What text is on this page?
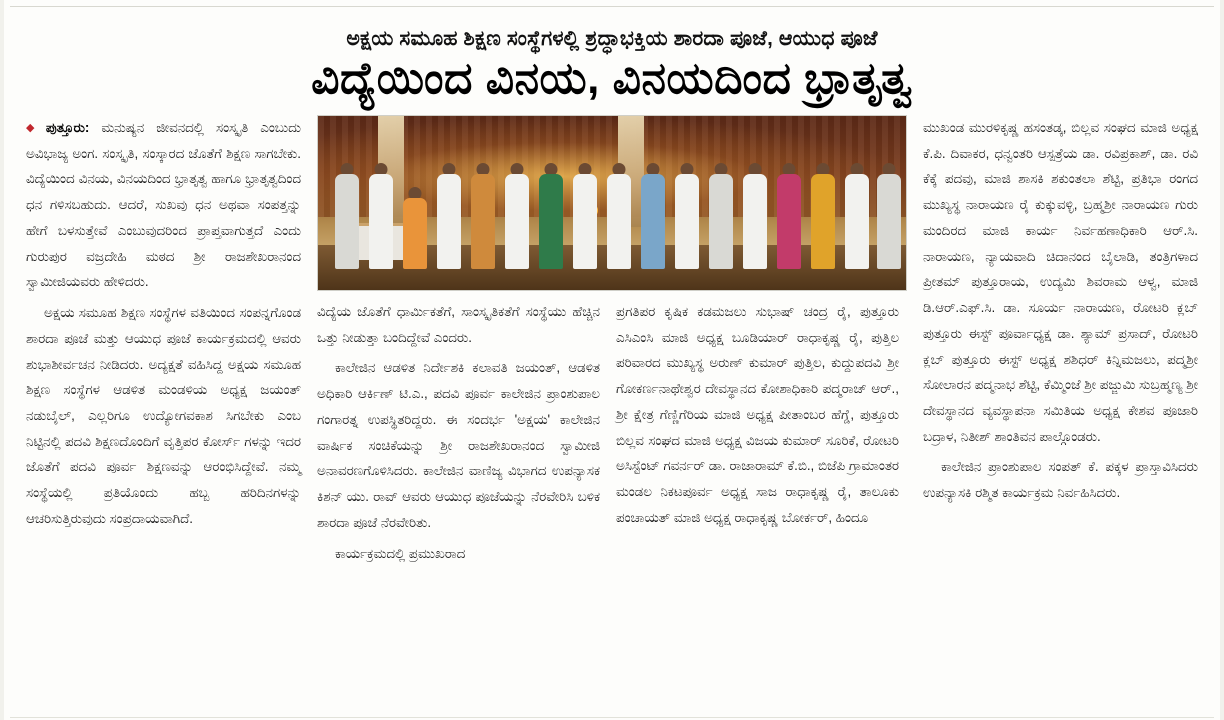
ಅಕ್ಷಯ ಸಮೂಹ ಶಿಕ್ಷಣ ಸಂಸ್ಥೆಗಳಲ್ಲಿ ಶ್ರದ್ಧಾಭಕ್ತಿಯ ಶಾರದಾ ಪೂಜೆ, ಆಯುಧ ಪೂಜೆ
ವಿದ್ಯೆಯಿಂದ ವಿನಯ, ವಿನಯದಿಂದ ಭ್ರಾತೃತ್ವ

◆ ಪುತ್ತೂರು: ಮನುಷ್ಯನ ಜೀವನದಲ್ಲಿ ಸಂಸ್ಕೃತಿ ಎಂಬುದು ಅವಿಭಾಜ್ಯ ಅಂಗ. ಸಂಸ್ಕೃತಿ, ಸಂಸ್ಕಾರದ ಜೊತೆಗೆ ಶಿಕ್ಷಣ ಸಾಗಬೇಕು. ವಿದ್ಯೆಯಿಂದ ವಿನಯ, ವಿನಯದಿಂದ ಭ್ರಾತೃತ್ವ ಹಾಗೂ ಭ್ರಾತೃತ್ವದಿಂದ ಧನ ಗಳಿಸಬಹುದು. ಆದರೆ, ಸುಖವು ಧನ ಅಥವಾ ಸಂಪತ್ತನ್ನು ಹೇಗೆ ಬಳಸುತ್ತೇವೆ ಎಂಬುವುದರಿಂದ ಪ್ರಾಪ್ತವಾಗುತ್ತದೆ ಎಂದು ಗುರುಪುರ ವಜ್ರದೇಹಿ ಮಠದ ಶ್ರೀ ರಾಜಶೇಖರಾನಂದ ಸ್ವಾಮೀಜಿಯವರು ಹೇಳಿದರು.

ಅಕ್ಷಯ ಸಮೂಹ ಶಿಕ್ಷಣ ಸಂಸ್ಥೆಗಳ ವತಿಯಿಂದ ಸಂಪನ್ನಗೊಂಡ ಶಾರದಾ ಪೂಜೆ ಮತ್ತು ಆಯುಧ ಪೂಜೆ ಕಾರ್ಯಕ್ರಮದಲ್ಲಿ ಆವರು ಶುಭಾಶೀರ್ವಚನ ನೀಡಿದರು. ಅದ್ಯಕ್ಷತೆ ವಹಿಸಿದ್ದ ಅಕ್ಷಯ ಸಮೂಹ ಶಿಕ್ಷಣ ಸಂಸ್ಥೆಗಳ ಆಡಳಿತ ಮಂಡಳಿಯ ಅಧ್ಯಕ್ಷ ಜಯಂತ್ ನಡುಬೈಲ್, ಎಲ್ಲರಿಗೂ ಉದ್ಯೋಗವಕಾಶ ಸಿಗಬೇಕು ಎಂಬ ನಿಟ್ಟಿನಲ್ಲಿ ಪದವಿ ಶಿಕ್ಷಣದೊಂದಿಗೆ ವೃತ್ತಿಪರ ಕೋರ್ಸ್ ಗಳನ್ನು ಇದರ ಜೊತೆಗೆ ಪದವಿ ಪೂರ್ವ ಶಿಕ್ಷಣವನ್ನು ಆರಂಭಿಸಿದ್ದೇವೆ. ನಮ್ಮ ಸಂಸ್ಥೆಯಲ್ಲಿ ಪ್ರತಿಯೊಂದು ಹಬ್ಬ ಹರಿದಿನಗಳನ್ನು ಆಚರಿಸುತ್ತಿರುವುದು ಸಂಪ್ರದಾಯವಾಗಿದೆ.

ವಿದ್ಯೆಯ ಜೊತೆಗೆ ಧಾರ್ಮಿಕತೆಗೆ, ಸಾಂಸ್ಕೃತಿಕತೆಗೆ ಸಂಸ್ಥೆಯು ಹೆಚ್ಚಿನ ಒತ್ತು ನೀಡುತ್ತಾ ಬಂದಿದ್ದೇವೆ ಎಂದರು.

ಕಾಲೇಜಿನ ಆಡಳಿತ ನಿರ್ದೇಶಕಿ ಕಲಾವತಿ ಜಯಂತ್, ಆಡಳಿತ ಅಧಿಕಾರಿ ಆರ್ಕಿಣ್ ಟಿ.ಎ., ಪದವಿ ಪೂರ್ವ ಕಾಲೇಜಿನ ಪ್ರಾಂಶುಪಾಲ ಗಂಗಾರತ್ನ ಉಪಸ್ಥಿತರಿದ್ದರು. ಈ ಸಂದರ್ಭ 'ಅಕ್ಷಯ' ಕಾಲೇಜಿನ ವಾರ್ಷಿಕ ಸಂಚಿಕೆಯನ್ನು ಶ್ರೀ ರಾಜಶೇಖರಾನಂದ ಸ್ವಾಮೀಜಿ ಅನಾವರಣಗೊಳಿಸಿದರು. ಕಾಲೇಜಿನ ವಾಣಿಜ್ಯ ವಿಭಾಗದ ಉಪನ್ಯಾಸಕ ಕಿಶನ್ ಯು. ರಾವ್ ಆವರು ಆಯುಧ ಪೂಜೆಯನ್ನು ನೆರವೇರಿಸಿ ಬಳಿಕ ಶಾರದಾ ಪೂಜೆ ನೆರವೇರಿತು.

ಕಾರ್ಯಕ್ರಮದಲ್ಲಿ ಪ್ರಮುಖರಾದ

ಪ್ರಗತಿಪರ ಕೃಷಿಕ ಕಡಮಜಲು ಸುಭಾಷ್ ಚಂದ್ರ ರೈ, ಪುತ್ತೂರು ಎಸಿಎಂಸಿ ಮಾಜಿ ಅಧ್ಯಕ್ಷ ಬೂಡಿಯಾರ್ ರಾಧಾಕೃಷ್ಣ ರೈ, ಪುತ್ತಿಲ ಪರಿವಾರದ ಮುಖ್ಯಸ್ಥ ಅರುಣ್ ಕುಮಾರ್ ಪುತ್ತಿಲ, ಕುದ್ದುಪದವಿ ಶ್ರೀ ಗೋಕರ್ಣನಾಥೇಶ್ವರ ದೇವಸ್ಥಾನದ ಕೋಶಾಧಿಕಾರಿ ಪದ್ಮರಾಜ್ ಆರ್., ಶ್ರೀ ಕ್ಷೇತ್ರ ಗೆಣ್ಣಿಗೆರಿಯ ಮಾಜಿ ಅಧ್ಯಕ್ಷ ಪೀತಾಂಬರ ಹೆಗ್ಡೆ, ಪುತ್ತೂರು ಬಿಲ್ಲವ ಸಂಘದ ಮಾಜಿ ಅಧ್ಯಕ್ಷ ವಿಜಯ ಕುಮಾರ್ ಸೂರಿಕೆ, ರೋಟರಿ ಅಸಿಸ್ಟೆಂಟ್ ಗವರ್ನರ್ ಡಾ. ರಾಜಾರಾಮ್ ಕೆ.ಬಿ., ಬಿಜೆಪಿ ಗ್ರಾಮಾಂತರ ಮಂಡಲ ನಿಕಟಪೂರ್ವ ಅಧ್ಯಕ್ಷ ಸಾಜ ರಾಧಾಕೃಷ್ಣ ರೈ, ತಾಲೂಕು ಪಂಚಾಯತ್ ಮಾಜಿ ಅಧ್ಯಕ್ಷ ರಾಧಾಕೃಷ್ಣ ಬೋರ್ಕರ್, ಹಿಂದೂ

ಮುಖಂಡ ಮುರಳಿಕೃಷ್ಣ ಹಸಂತಡ್ಕ, ಬಿಲ್ಲವ ಸಂಘದ ಮಾಜಿ ಅಧ್ಯಕ್ಷ ಕೆ.ಪಿ. ದಿವಾಕರ, ಧನ್ವಂತರಿ ಆಸ್ಪತ್ರೆಯ ಡಾ. ರವಿಪ್ರಕಾಶ್, ಡಾ. ರವಿ ಕೆಕ್ಕೆ ಪದವು, ಮಾಜಿ ಶಾಸಕಿ ಶಕುಂತಲಾ ಶೆಟ್ಟಿ, ಪ್ರತಿಭಾ ರಂಗದ ಮುಖ್ಯಸ್ಥ ನಾರಾಯಣ ರೈ ಕುಕ್ಕುವಳ್ಳಿ, ಬ್ರಹ್ಮಶ್ರೀ ನಾರಾಯಣ ಗುರು ಮಂದಿರದ ಮಾಜಿ ಕಾರ್ಯ ನಿರ್ವಹಣಾಧಿಕಾರಿ ಆರ್.ಸಿ. ನಾರಾಯಣ, ನ್ಯಾಯವಾದಿ ಚಿದಾನಂದ ಬೈಲಾಡಿ, ತಂತ್ರಿಗಳಾದ ಪ್ರೀತಮ್ ಪುತ್ತೂರಾಯ, ಉದ್ಯಮಿ ಶಿವರಾಮ ಆಳ್ವ, ಮಾಜಿ ಡಿ.ಆರ್.ಎಫ್.ಸಿ. ಡಾ. ಸೂರ್ಯ ನಾರಾಯಣ, ರೋಟರಿ ಕ್ಲಬ್ ಪುತ್ತೂರು ಈಸ್ಟ್ ಪೂರ್ವಾಧ್ಯಕ್ಷ ಡಾ. ಶ್ಯಾಮ್ ಪ್ರಸಾದ್, ರೋಟರಿ ಕ್ಲಬ್ ಪುತ್ತೂರು ಈಸ್ಟ್ ಅಧ್ಯಕ್ಷ ಶಶಿಧರ್ ಕಿನ್ನಿಮಜಲು, ಪದ್ಮಶ್ರೀ ಸೋಲಾರನ ಪದ್ಮನಾಭ ಶೆಟ್ಟಿ, ಕೆಮ್ಮಿಂಜೆ ಶ್ರೀ ಪಜ್ಜುಮಿ ಸುಬ್ರಹ್ಮಣ್ಯ ಶ್ರೀ ದೇವಸ್ಥಾನದ ವ್ಯವಸ್ಥಾಪನಾ ಸಮಿತಿಯ ಅಧ್ಯಕ್ಷ ಕೇಶವ ಪೂಜಾರಿ ಬದ್ರಾಳ, ನಿತೀಶ್ ಶಾಂತಿವನ ಪಾಲ್ಗೊಂಡರು.

ಕಾಲೇಜಿನ ಪ್ರಾಂಶುಪಾಲ ಸಂಪತ್ ಕೆ. ಪಕ್ಕಳ ಪ್ರಾಸ್ತಾವಿಸಿದರು ಉಪನ್ಯಾಸಕಿ ರಶ್ಮಿತ ಕಾರ್ಯಕ್ರಮ ನಿರ್ವಹಿಸಿದರು.
